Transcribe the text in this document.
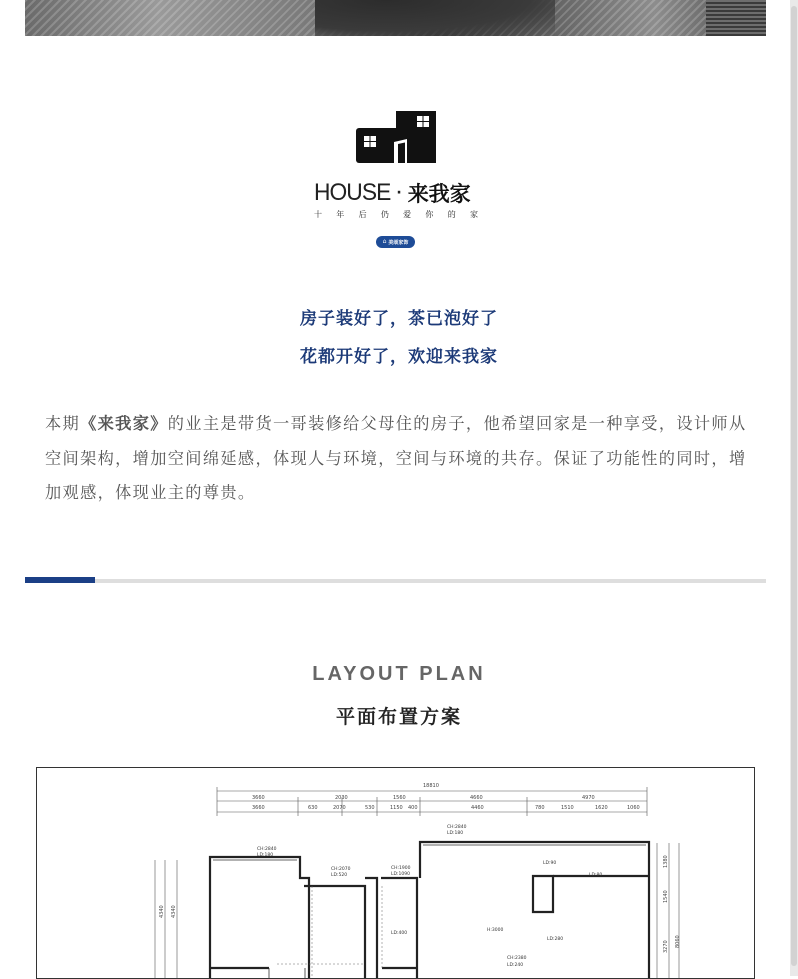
HOUSE · 来我家
十 年 后 仍 爱 你 的 家
⌂ 美颂家饰
房子装好了，茶已泡好了
花都开好了，欢迎来我家

本期《来我家》的业主是带货一哥装修给父母住的房子，他希望回家是一种享受，设计师从空间架构，增加空间绵延感，体现人与环境，空间与环境的共存。保证了功能性的同时，增加观感，体现业主的尊贵。

LAYOUT PLAN
平面布置方案
18810
3660	2030	1560	4660	4970
3660	630	2070	530	1150 400	4460	780	1510	1620	1060
4340 4340
1380
1540
3270 8060
CH:2840
LD:180
CH:2840
LD:180
CH:2070
LD:520
CH:1900
LD:1090
LD:90
LD:80
H:3000
LD:280
CH:2380
LD:240
LD:400
